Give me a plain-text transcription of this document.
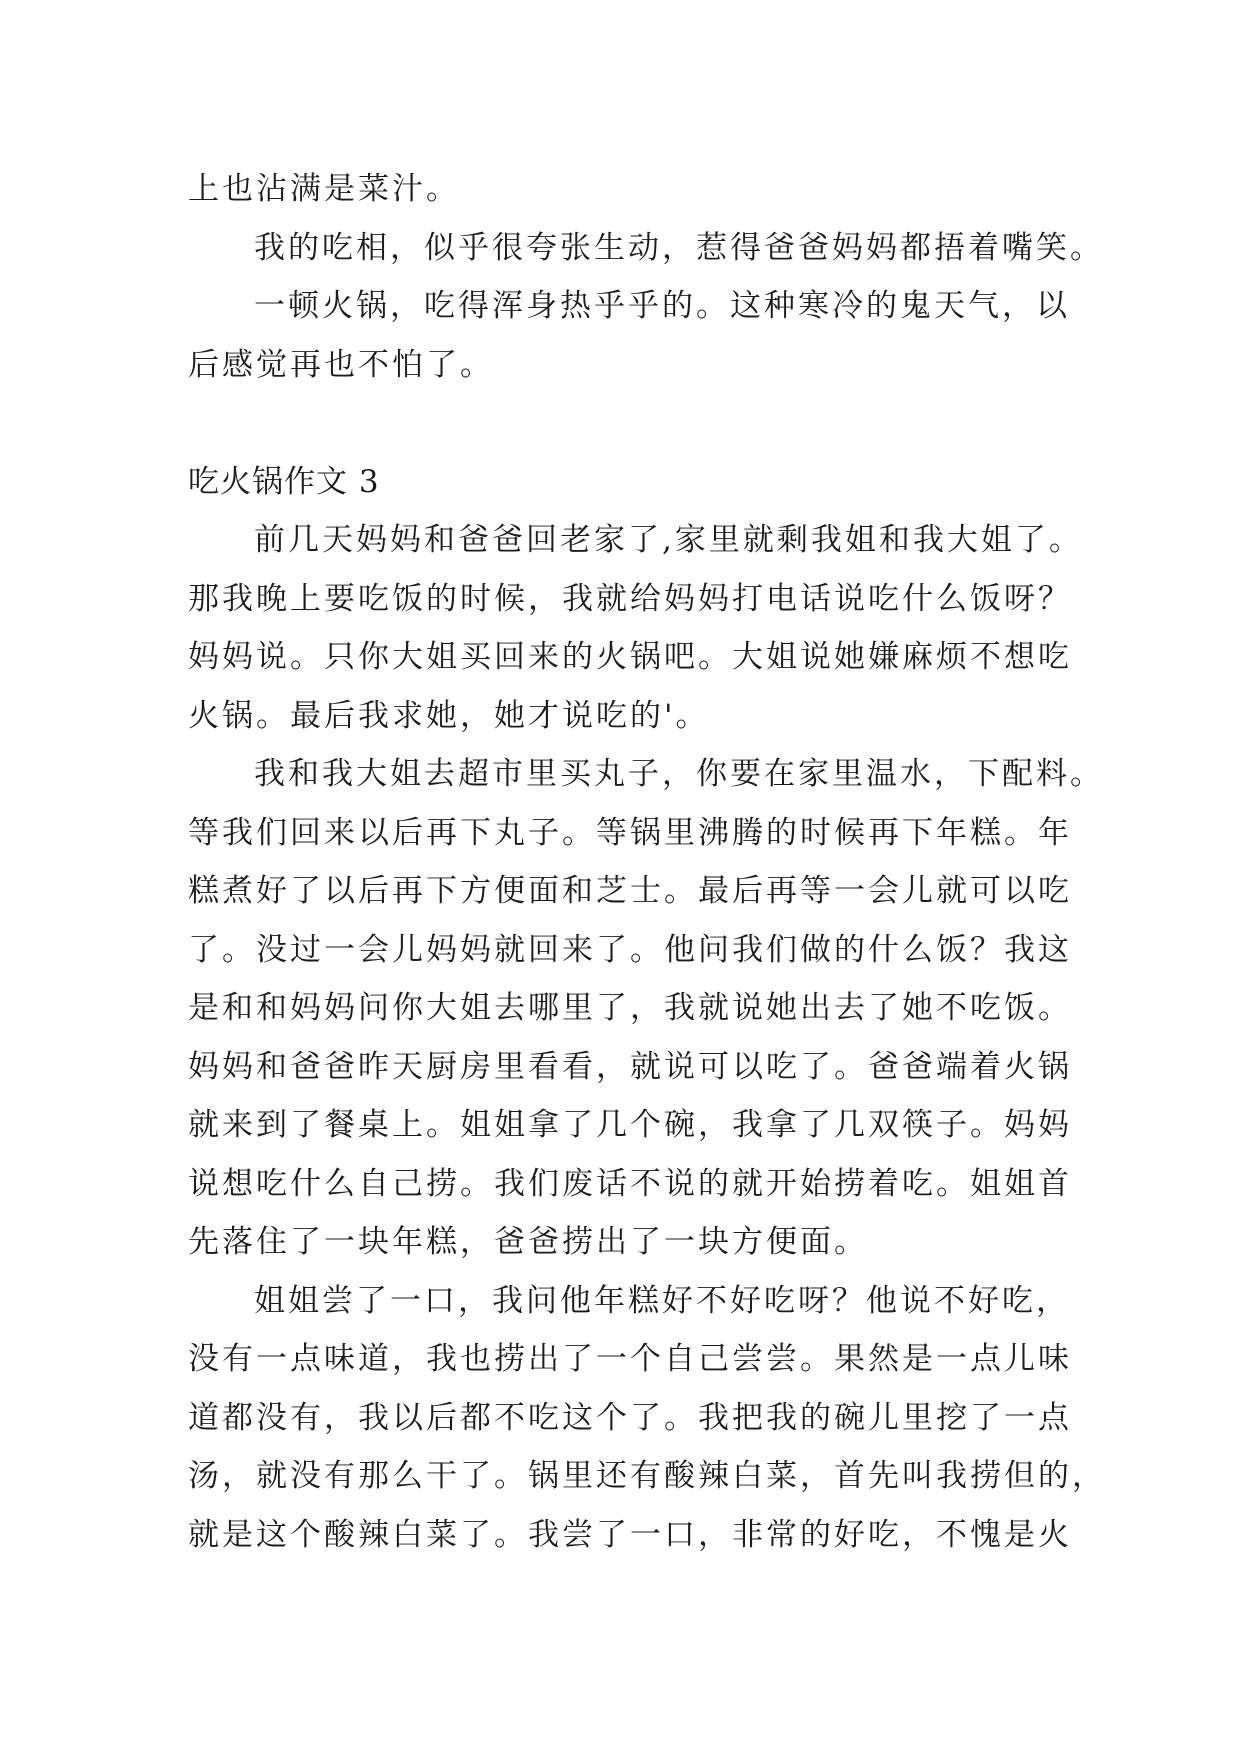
上也沾满是菜汁。
我的吃相，似乎很夸张生动，惹得爸爸妈妈都捂着嘴笑。
一顿火锅，吃得浑身热乎乎的。这种寒冷的鬼天气，以
后感觉再也不怕了。
吃火锅作文 3
前几天妈妈和爸爸回老家了,家里就剩我姐和我大姐了。
那我晚上要吃饭的时候，我就给妈妈打电话说吃什么饭呀？
妈妈说。只你大姐买回来的火锅吧。大姐说她嫌麻烦不想吃
火锅。最后我求她，她才说吃的'。
我和我大姐去超市里买丸子，你要在家里温水，下配料。
等我们回来以后再下丸子。等锅里沸腾的时候再下年糕。年
糕煮好了以后再下方便面和芝士。最后再等一会儿就可以吃
了。没过一会儿妈妈就回来了。他问我们做的什么饭？我这
是和和妈妈问你大姐去哪里了，我就说她出去了她不吃饭。
妈妈和爸爸昨天厨房里看看，就说可以吃了。爸爸端着火锅
就来到了餐桌上。姐姐拿了几个碗，我拿了几双筷子。妈妈
说想吃什么自己捞。我们废话不说的就开始捞着吃。姐姐首
先落住了一块年糕，爸爸捞出了一块方便面。
姐姐尝了一口，我问他年糕好不好吃呀？他说不好吃，
没有一点味道，我也捞出了一个自己尝尝。果然是一点儿味
道都没有，我以后都不吃这个了。我把我的碗儿里挖了一点
汤，就没有那么干了。锅里还有酸辣白菜，首先叫我捞但的，
就是这个酸辣白菜了。我尝了一口，非常的好吃，不愧是火
